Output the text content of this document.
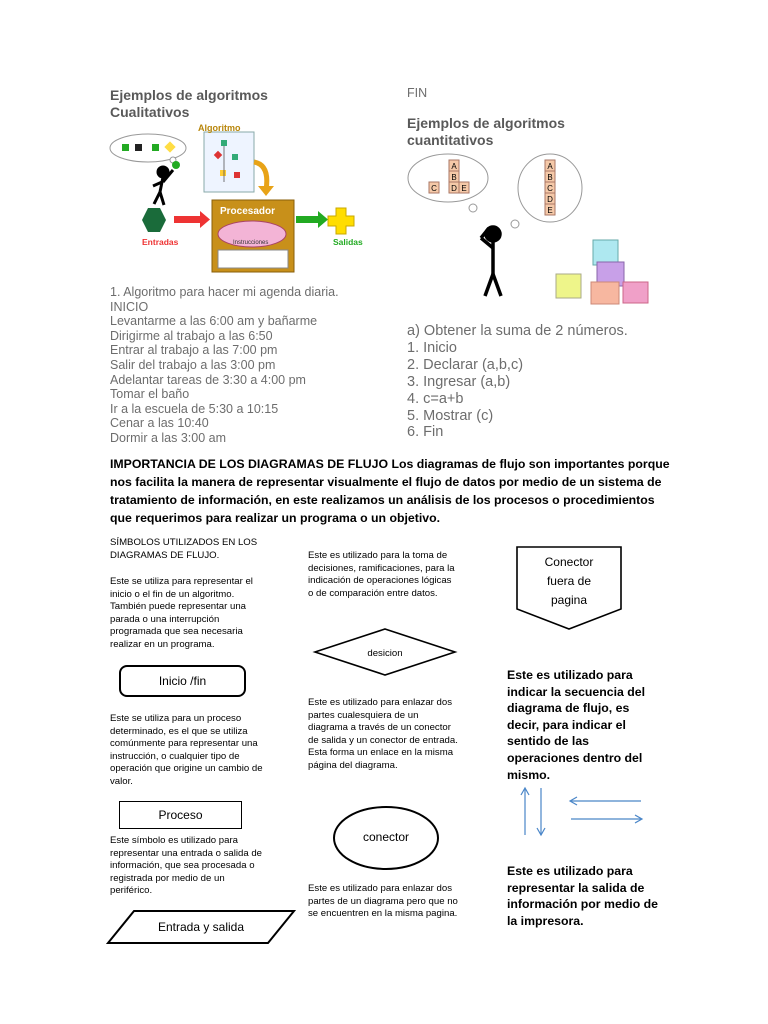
Ejemplos de algoritmos
Cualitativos
Algoritmo
Procesador
Instrucciones
Entradas	Salidas
1. Algoritmo para hacer mi agenda diaria.
INICIO
Levantarme a las 6:00 am y bañarme
Dirigirme al trabajo a las 6:50
Entrar al trabajo a las 7:00 pm
Salir del trabajo a las 3:00 pm
Adelantar tareas de 3:30 a 4:00 pm
Tomar el baño
Ir a la escuela de 5:30 a 10:15
Cenar a las 10:40
Dormir a las 3:00 am
FIN
Ejemplos de algoritmos
cuantitativos
A
B
C D E
A
B
C
D
E
a) Obtener la suma de 2 números.
1. Inicio
2. Declarar (a,b,c)
3. Ingresar (a,b)
4. c=a+b
5. Mostrar (c)
6. Fin
IMPORTANCIA DE LOS DIAGRAMAS DE FLUJO Los diagramas de flujo son importantes porque nos facilita la manera de representar visualmente el flujo de datos por medio de un sistema de tratamiento de información, en este realizamos un análisis de los procesos o procedimientos que requerimos para realizar un programa o un objetivo.
SÍMBOLOS UTILIZADOS EN LOS DIAGRAMAS DE FLUJO.
Este se utiliza para representar el inicio o el fin de un algoritmo. También puede representar una parada o una interrupción programada que sea necesaria realizar en un programa.
Inicio /fin
Este se utiliza para un proceso determinado, es el que se utiliza comúnmente para representar una instrucción, o cualquier tipo de operación que origine un cambio de valor.
Proceso
Este símbolo es utilizado para representar una entrada o salida de información, que sea procesada o registrada por medio de un periférico.
Entrada y salida
Este es utilizado para la toma de decisiones, ramificaciones, para la indicación de operaciones lógicas o de comparación entre datos.
desicion
Este es utilizado para enlazar dos partes cualesquiera de un diagrama a través de un conector de salida y un conector de entrada. Esta forma un enlace en la misma página del diagrama.
conector
Este es utilizado para enlazar dos partes de un diagrama pero que no se encuentren en la misma pagina.
Conector
fuera de
pagina
Este es utilizado para indicar la secuencia del diagrama de flujo, es decir, para indicar el sentido de las operaciones dentro del mismo.
Este es utilizado para representar la salida de información por medio de la impresora.
